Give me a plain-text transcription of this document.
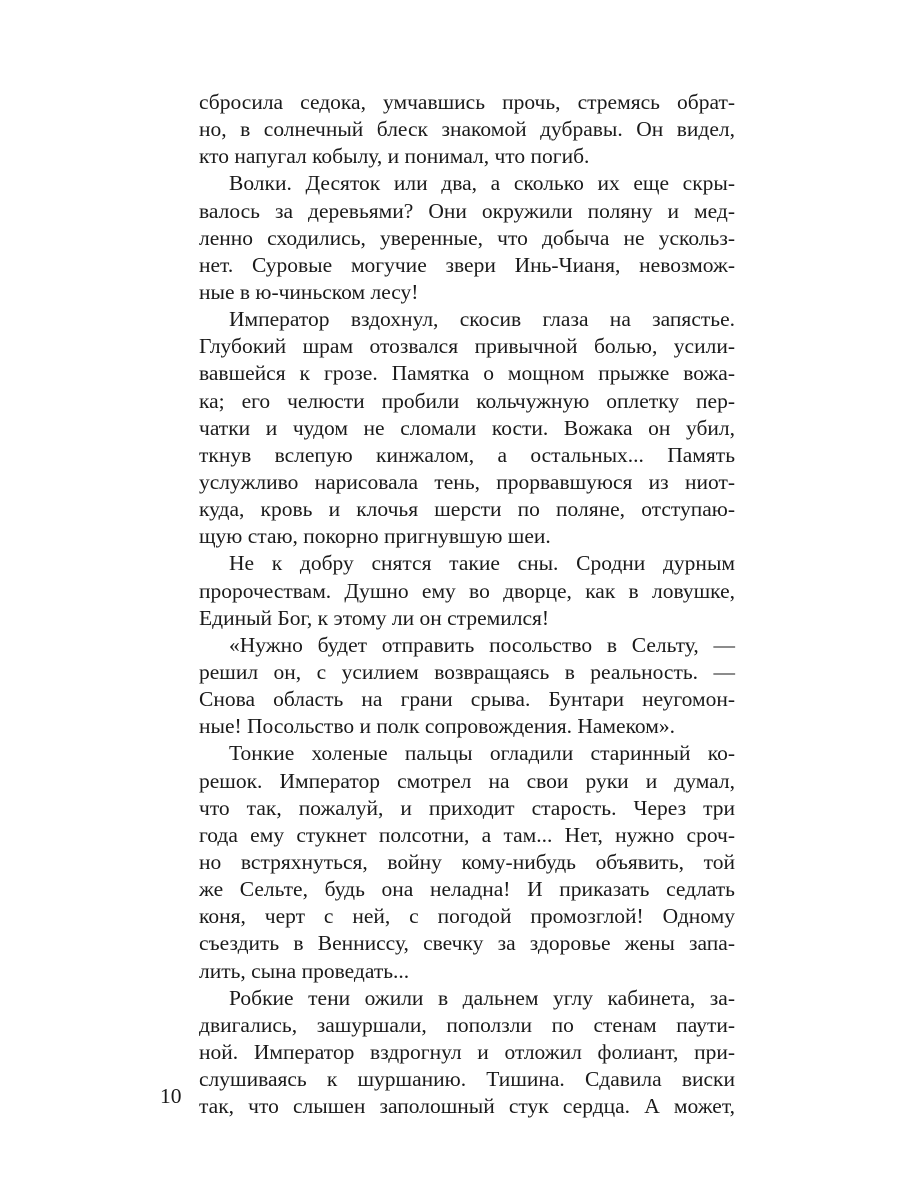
сбросила седока, умчавшись прочь, стремясь обрат-
но, в солнечный блеск знакомой дубравы. Он видел,
кто напугал кобылу, и понимал, что погиб.
Волки. Десяток или два, а сколько их еще скры-
валось за деревьями? Они окружили поляну и мед-
ленно сходились, уверенные, что добыча не ускольз-
нет. Суровые могучие звери Инь-Чианя, невозмож-
ные в ю-чиньском лесу!
Император вздохнул, скосив глаза на запястье.
Глубокий шрам отозвался привычной болью, усили-
вавшейся к грозе. Памятка о мощном прыжке вожа-
ка; его челюсти пробили кольчужную оплетку пер-
чатки и чудом не сломали кости. Вожака он убил,
ткнув вслепую кинжалом, а остальных... Память
услужливо нарисовала тень, прорвавшуюся из ниот-
куда, кровь и клочья шерсти по поляне, отступаю-
щую стаю, покорно пригнувшую шеи.
Не к добру снятся такие сны. Сродни дурным
пророчествам. Душно ему во дворце, как в ловушке,
Единый Бог, к этому ли он стремился!
«Нужно будет отправить посольство в Сельту, —
решил он, с усилием возвращаясь в реальность. —
Снова область на грани срыва. Бунтари неугомон-
ные! Посольство и полк сопровождения. Намеком».
Тонкие холеные пальцы огладили старинный ко-
решок. Император смотрел на свои руки и думал,
что так, пожалуй, и приходит старость. Через три
года ему стукнет полсотни, а там... Нет, нужно сроч-
но встряхнуться, войну кому-нибудь объявить, той
же Сельте, будь она неладна! И приказать седлать
коня, черт с ней, с погодой промозглой! Одному
съездить в Венниссу, свечку за здоровье жены запа-
лить, сына проведать...
Робкие тени ожили в дальнем углу кабинета, за-
двигались, зашуршали, поползли по стенам паути-
ной. Император вздрогнул и отложил фолиант, при-
слушиваясь к шуршанию. Тишина. Сдавила виски
так, что слышен заполошный стук сердца. А может,
10
